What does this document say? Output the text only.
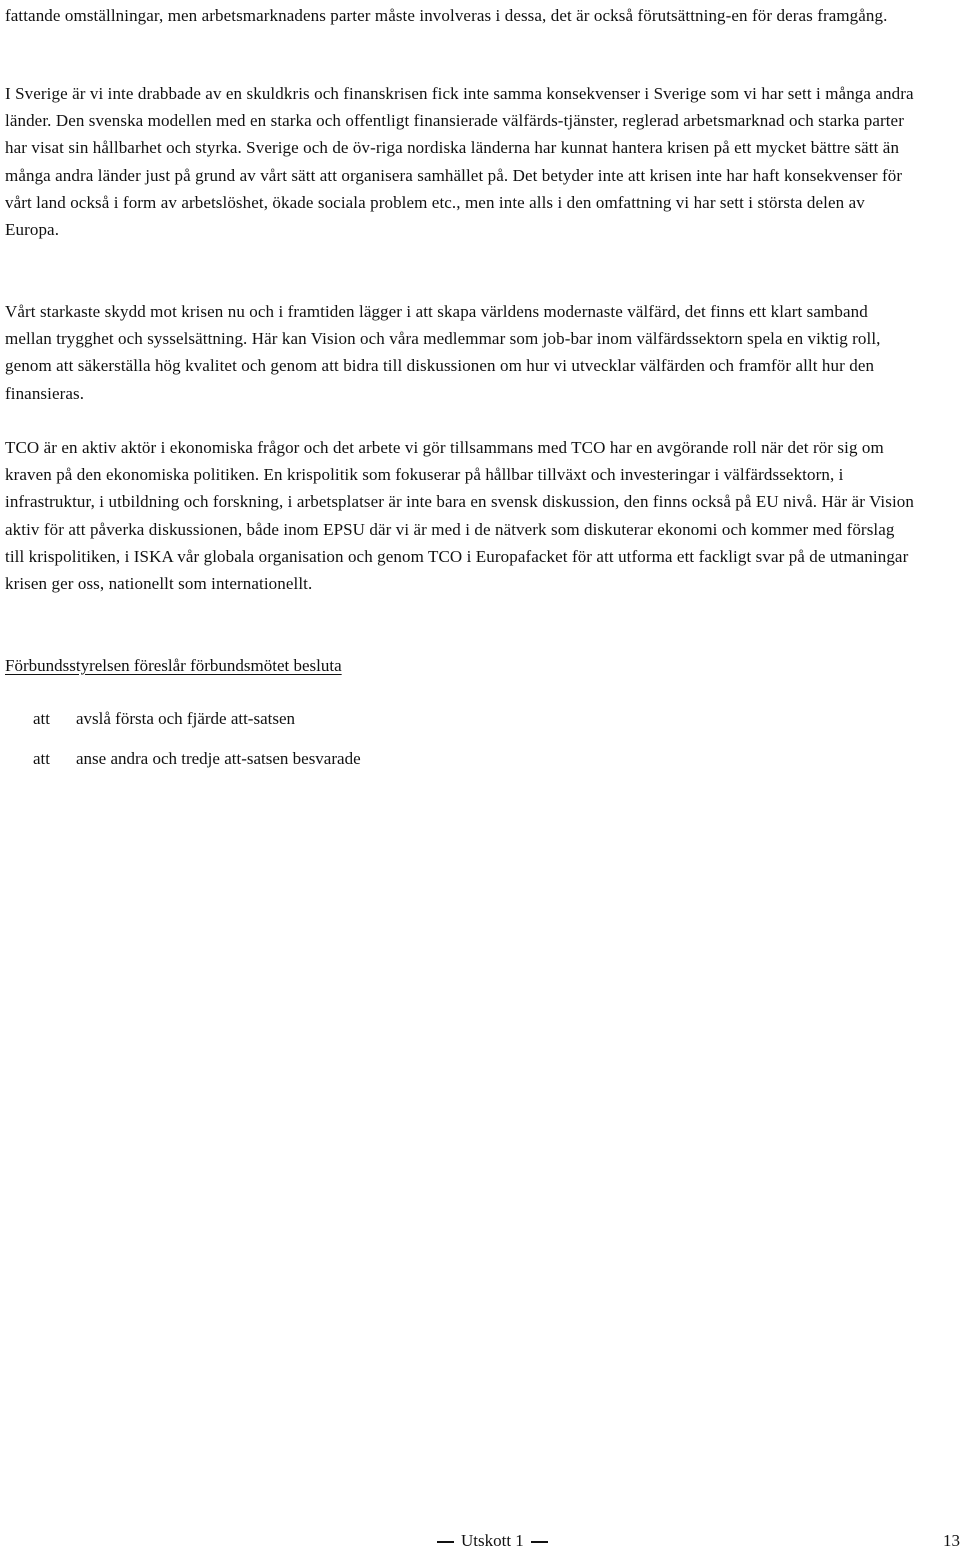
fattande omställningar, men arbetsmarknadens parter måste involveras i dessa, det är också förutsättning-en för deras framgång.

I Sverige är vi inte drabbade av en skuldkris och finanskrisen fick inte samma konsekvenser i Sverige som vi har sett i många andra länder. Den svenska modellen med en starka och offentligt finansierade välfärds-tjänster, reglerad arbetsmarknad och starka parter har visat sin hållbarhet och styrka. Sverige och de öv-riga nordiska länderna har kunnat hantera krisen på ett mycket bättre sätt än många andra länder just på grund av vårt sätt att organisera samhället på. Det betyder inte att krisen inte har haft konsekvenser för vårt land också i form av arbetslöshet, ökade sociala problem etc., men inte alls i den omfattning vi har sett i största delen av Europa.

Vårt starkaste skydd mot krisen nu och i framtiden lägger i att skapa världens modernaste välfärd, det finns ett klart samband mellan trygghet och sysselsättning. Här kan Vision och våra medlemmar som job-bar inom välfärdssektorn spela en viktig roll, genom att säkerställa hög kvalitet och genom att bidra till diskussionen om hur vi utvecklar välfärden och framför allt hur den finansieras.

TCO är en aktiv aktör i ekonomiska frågor och det arbete vi gör tillsammans med TCO har en avgörande roll när det rör sig om kraven på den ekonomiska politiken. En krispolitik som fokuserar på hållbar tillväxt och investeringar i välfärdssektorn, i infrastruktur, i utbildning och forskning, i arbetsplatser är inte bara en svensk diskussion, den finns också på EU nivå. Här är Vision aktiv för att påverka diskussionen, både inom EPSU där vi är med i de nätverk som diskuterar ekonomi och kommer med förslag till krispolitiken, i ISKA vår globala organisation och genom TCO i Europafacket för att utforma ett fackligt svar på de utmaningar krisen ger oss, nationellt som internationellt.

Förbundsstyrelsen föreslår förbundsmötet besluta

att avslå första och fjärde att-satsen

att anse andra och tredje att-satsen besvarade

Utskott 1	13
